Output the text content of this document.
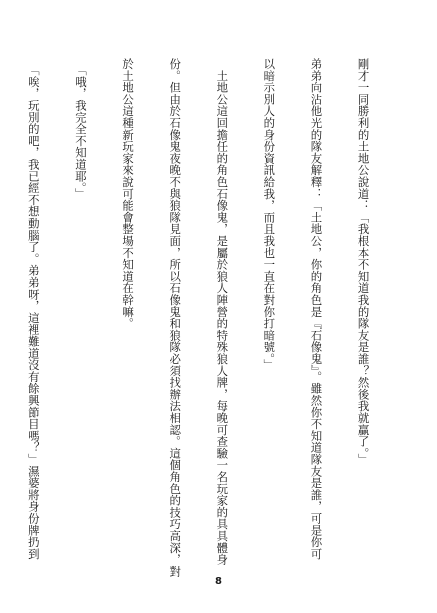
剛才一同勝利的土地公說道：「我根本不知道我的隊友是誰？然後我就贏了。」

弟弟向沾他光的隊友解釋：「土地公，你的角色是『石像鬼』。雖然你不知道隊友是誰，可是你可

以暗示別人的身份資訊給我，而且我也一直在對你打暗號。」

　土地公這回擔任的角色石像鬼，是屬於狼人陣營的特殊狼人牌，每晚可查驗一名玩家的具具體身

份。但由於石像鬼夜晚不與狼隊見面，所以石像鬼和狼隊必須找辦法相認。這個角色的技巧高深，對

於土地公這種新玩家來說可能會整場不知道在幹嘛。

　「哦，我完全不知道耶。」

　「唉，玩別的吧，我已經不想動腦了。弟弟呀，這裡難道沒有餘興節目嗎？」濕婆將身份牌扔到

8
